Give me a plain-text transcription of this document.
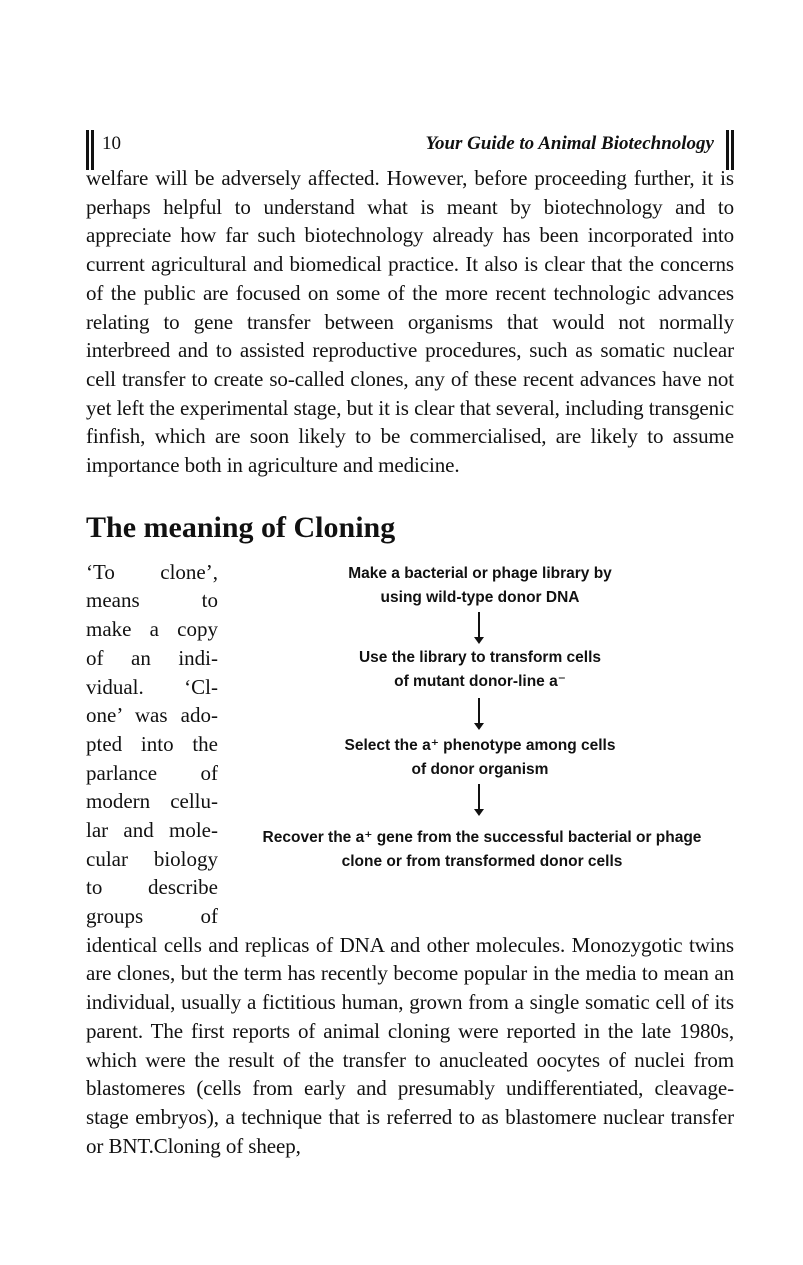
10	Your Guide to Animal Biotechnology

welfare will be adversely affected. However, before proceeding further, it is perhaps helpful to understand what is meant by biotechnology and to appreciate how far such biotechnology already has been incorporated into current agricultural and biomedical practice. It also is clear that the concerns of the public are focused on some of the more recent technologic advances relating to gene transfer between organisms that would not normally interbreed and to assisted reproductive procedures, such as somatic nuclear cell transfer to create so-called clones, any of these recent advances have not yet left the experimental stage, but it is clear that several, including transgenic finfish, which are soon likely to be commercialised, are likely to assume importance both in agriculture and medicine.

The meaning of Cloning
‘To clone’,
means to
make a copy
of an indi-
vidual. ‘Cl-
one’ was ado-
pted into the
parlance of
modern cellu-
lar and mole-
cular biology
to describe
groups of
Make a bacterial or phage library by
using wild-type donor DNA
Use the library to transform cells
of mutant donor-line a⁻
Select the a⁺ phenotype among cells
of donor organism
Recover the a⁺ gene from the successful bacterial or phage
clone or from transformed donor cells

identical cells and replicas of DNA and other molecules. Monozygotic twins are clones, but the term has recently become popular in the media to mean an individual, usually a fictitious human, grown from a single somatic cell of its parent. The first reports of animal cloning were reported in the late 1980s, which were the result of the transfer to anucleated oocytes of nuclei from blastomeres (cells from early and presumably undifferentiated, cleavage-stage embryos), a technique that is referred to as blastomere nuclear transfer or BNT.Cloning of sheep,
